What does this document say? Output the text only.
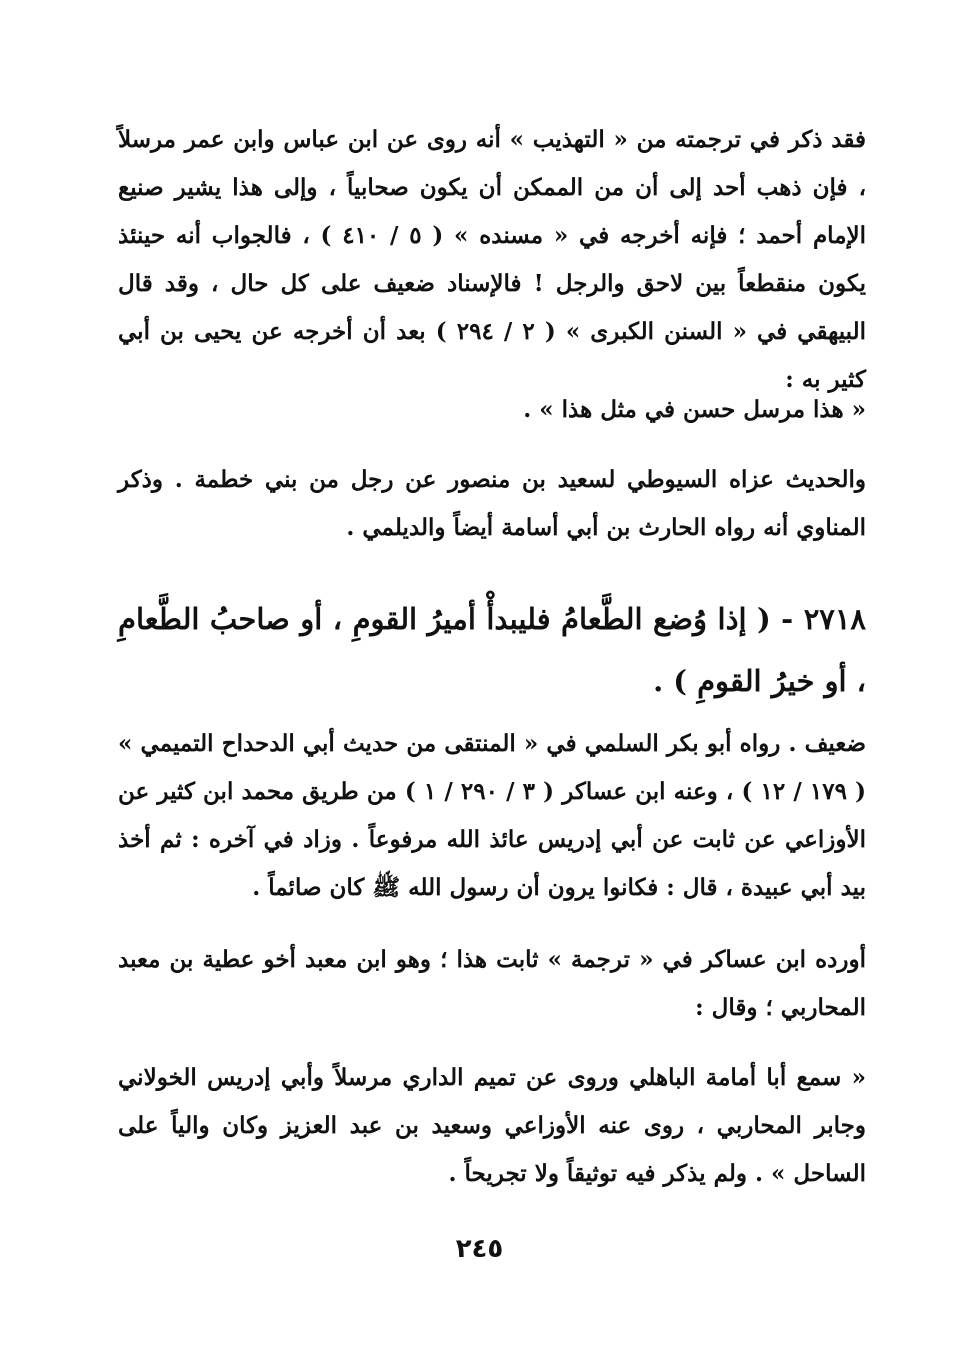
فقد ذكر في ترجمته من « التهذيب » أنه روى عن ابن عباس وابن عمر مرسلاً ، فإن ذهب أحد إلى أن من الممكن أن يكون صحابياً ، وإلى هذا يشير صنيع الإمام أحمد ؛ فإنه أخرجه في « مسنده » ( ٥ / ٤١٠ ) ، فالجواب أنه حينئذ يكون منقطعاً بين لاحق والرجل ! فالإسناد ضعيف على كل حال ، وقد قال البيهقي في « السنن الكبرى » ( ٢ / ٢٩٤ ) بعد أن أخرجه عن يحيى بن أبي كثير به :
« هذا مرسل حسن في مثل هذا » .
والحديث عزاه السيوطي لسعيد بن منصور عن رجل من بني خطمة . وذكر المناوي أنه رواه الحارث بن أبي أسامة أيضاً والديلمي .
٢٧١٨ - ( إذا وُضع الطَّعامُ فليبدأْ أميرُ القومِ ، أو صاحبُ الطَّعامِ ، أو خيرُ القومِ ) .
ضعيف . رواه أبو بكر السلمي في « المنتقى من حديث أبي الدحداح التميمي » ( ١٧٩ / ١٢ ) ، وعنه ابن عساكر ( ٣ / ٢٩٠ / ١ ) من طريق محمد ابن كثير عن الأوزاعي عن ثابت عن أبي إدريس عائذ الله مرفوعاً . وزاد في آخره : ثم أخذ بيد أبي عبيدة ، قال : فكانوا يرون أن رسول الله ﷺ كان صائماً .
أورده ابن عساكر في « ترجمة » ثابت هذا ؛ وهو ابن معبد أخو عطية بن معبد المحاربي ؛ وقال :
« سمع أبا أمامة الباهلي وروى عن تميم الداري مرسلاً وأبي إدريس الخولاني وجابر المحاربي ، روى عنه الأوزاعي وسعيد بن عبد العزيز وكان والياً على الساحل » . ولم يذكر فيه توثيقاً ولا تجريحاً .
٢٤٥
